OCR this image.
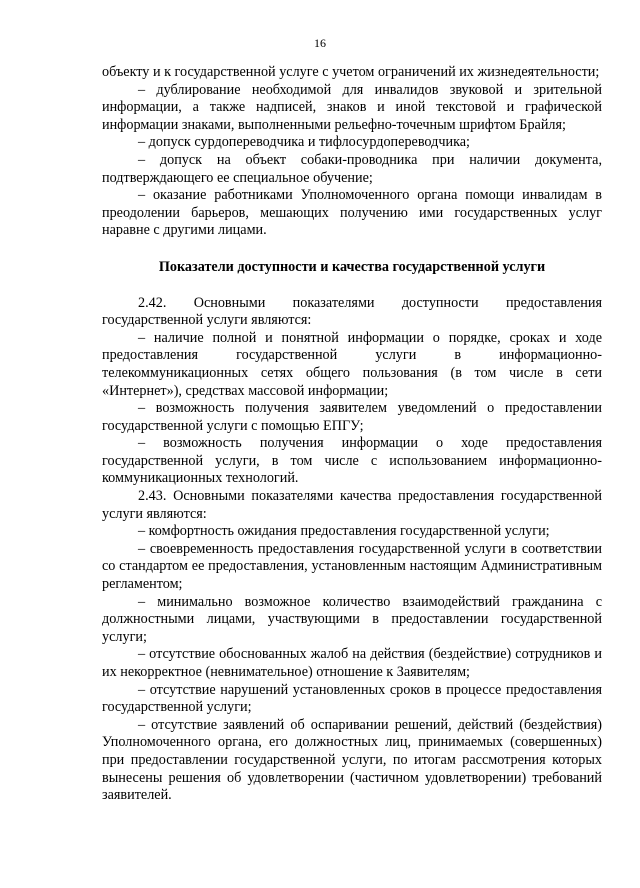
16

объекту и к государственной услуге с учетом ограничений их жизнедеятельности;

– дублирование необходимой для инвалидов звуковой и зрительной информации, а также надписей, знаков и иной текстовой и графической информации знаками, выполненными рельефно-точечным шрифтом Брайля;

– допуск сурдопереводчика и тифлосурдопереводчика;

– допуск на объект собаки-проводника при наличии документа, подтверждающего ее специальное обучение;

– оказание работниками Уполномоченного органа помощи инвалидам в преодолении барьеров, мешающих получению ими государственных услуг наравне с другими лицами.

Показатели доступности и качества государственной услуги

2.42. Основными показателями доступности предоставления государственной услуги являются:

– наличие полной и понятной информации о порядке, сроках и ходе предоставления государственной услуги в информационно-телекоммуникационных сетях общего пользования (в том числе в сети «Интернет»), средствах массовой информации;

– возможность получения заявителем уведомлений о предоставлении государственной услуги с помощью ЕПГУ;

– возможность получения информации о ходе предоставления государственной услуги, в том числе с использованием информационно-коммуникационных технологий.

2.43. Основными показателями качества предоставления государственной услуги являются:

– комфортность ожидания предоставления государственной услуги;

– своевременность предоставления государственной услуги в соответствии со стандартом ее предоставления, установленным настоящим Административным регламентом;

– минимально возможное количество взаимодействий гражданина с должностными лицами, участвующими в предоставлении государственной услуги;

– отсутствие обоснованных жалоб на действия (бездействие) сотрудников и их некорректное (невнимательное) отношение к Заявителям;

– отсутствие нарушений установленных сроков в процессе предоставления государственной услуги;

– отсутствие заявлений об оспаривании решений, действий (бездействия) Уполномоченного органа, его должностных лиц, принимаемых (совершенных) при предоставлении государственной услуги, по итогам рассмотрения которых вынесены решения об удовлетворении (частичном удовлетворении) требований заявителей.
